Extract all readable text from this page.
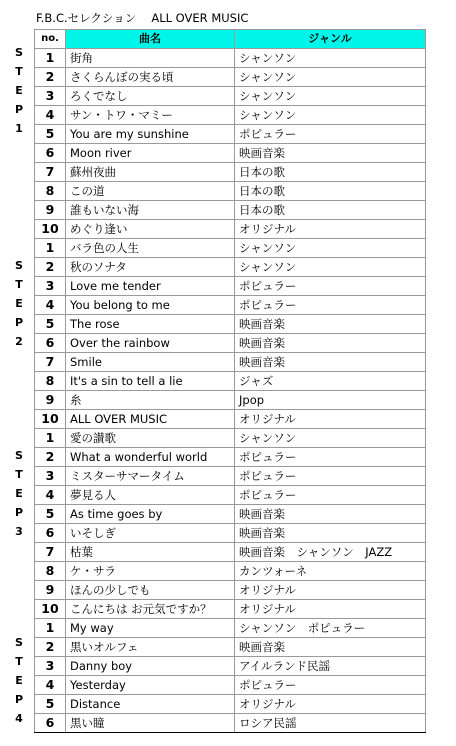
F.B.C.セレクション　 ALL OVER MUSIC
S
T
E
P
1
S
T
E
P
2
S
T
E
P
3
S
T
E
P
4
no.	曲名	ジャンル
1	街角	シャンソン
2	さくらんぼの実る頃	シャンソン
3	ろくでなし	シャンソン
4	サン・トワ・マミー	シャンソン
5	You are my sunshine	ポピュラー
6	Moon river	映画音楽
7	蘇州夜曲	日本の歌
8	この道	日本の歌
9	誰もいない海	日本の歌
10	めぐり逢い	オリジナル
1	バラ色の人生	シャンソン
2	秋のソナタ	シャンソン
3	Love me tender	ポピュラー
4	You belong to me	ポピュラー
5	The rose	映画音楽
6	Over the rainbow	映画音楽
7	Smile	映画音楽
8	It's a sin to tell a lie	ジャズ
9	糸	Jpop
10	ALL OVER MUSIC	オリジナル
1	愛の讃歌	シャンソン
2	What a wonderful world	ポピュラー
3	ミスターサマータイム	ポピュラー
4	夢見る人	ポピュラー
5	As time goes by	映画音楽
6	いそしぎ	映画音楽
7	枯葉	映画音楽　シャンソン　JAZZ
8	ケ・サラ	カンツォーネ
9	ほんの少しでも	オリジナル
10	こんにちは お元気ですか？	オリジナル
1	My way	シャンソン　ポピュラー
2	黒いオルフェ	映画音楽
3	Danny boy	アイルランド民謡
4	Yesterday	ポピュラー
5	Distance	オリジナル
6	黒い瞳	ロシア民謡
